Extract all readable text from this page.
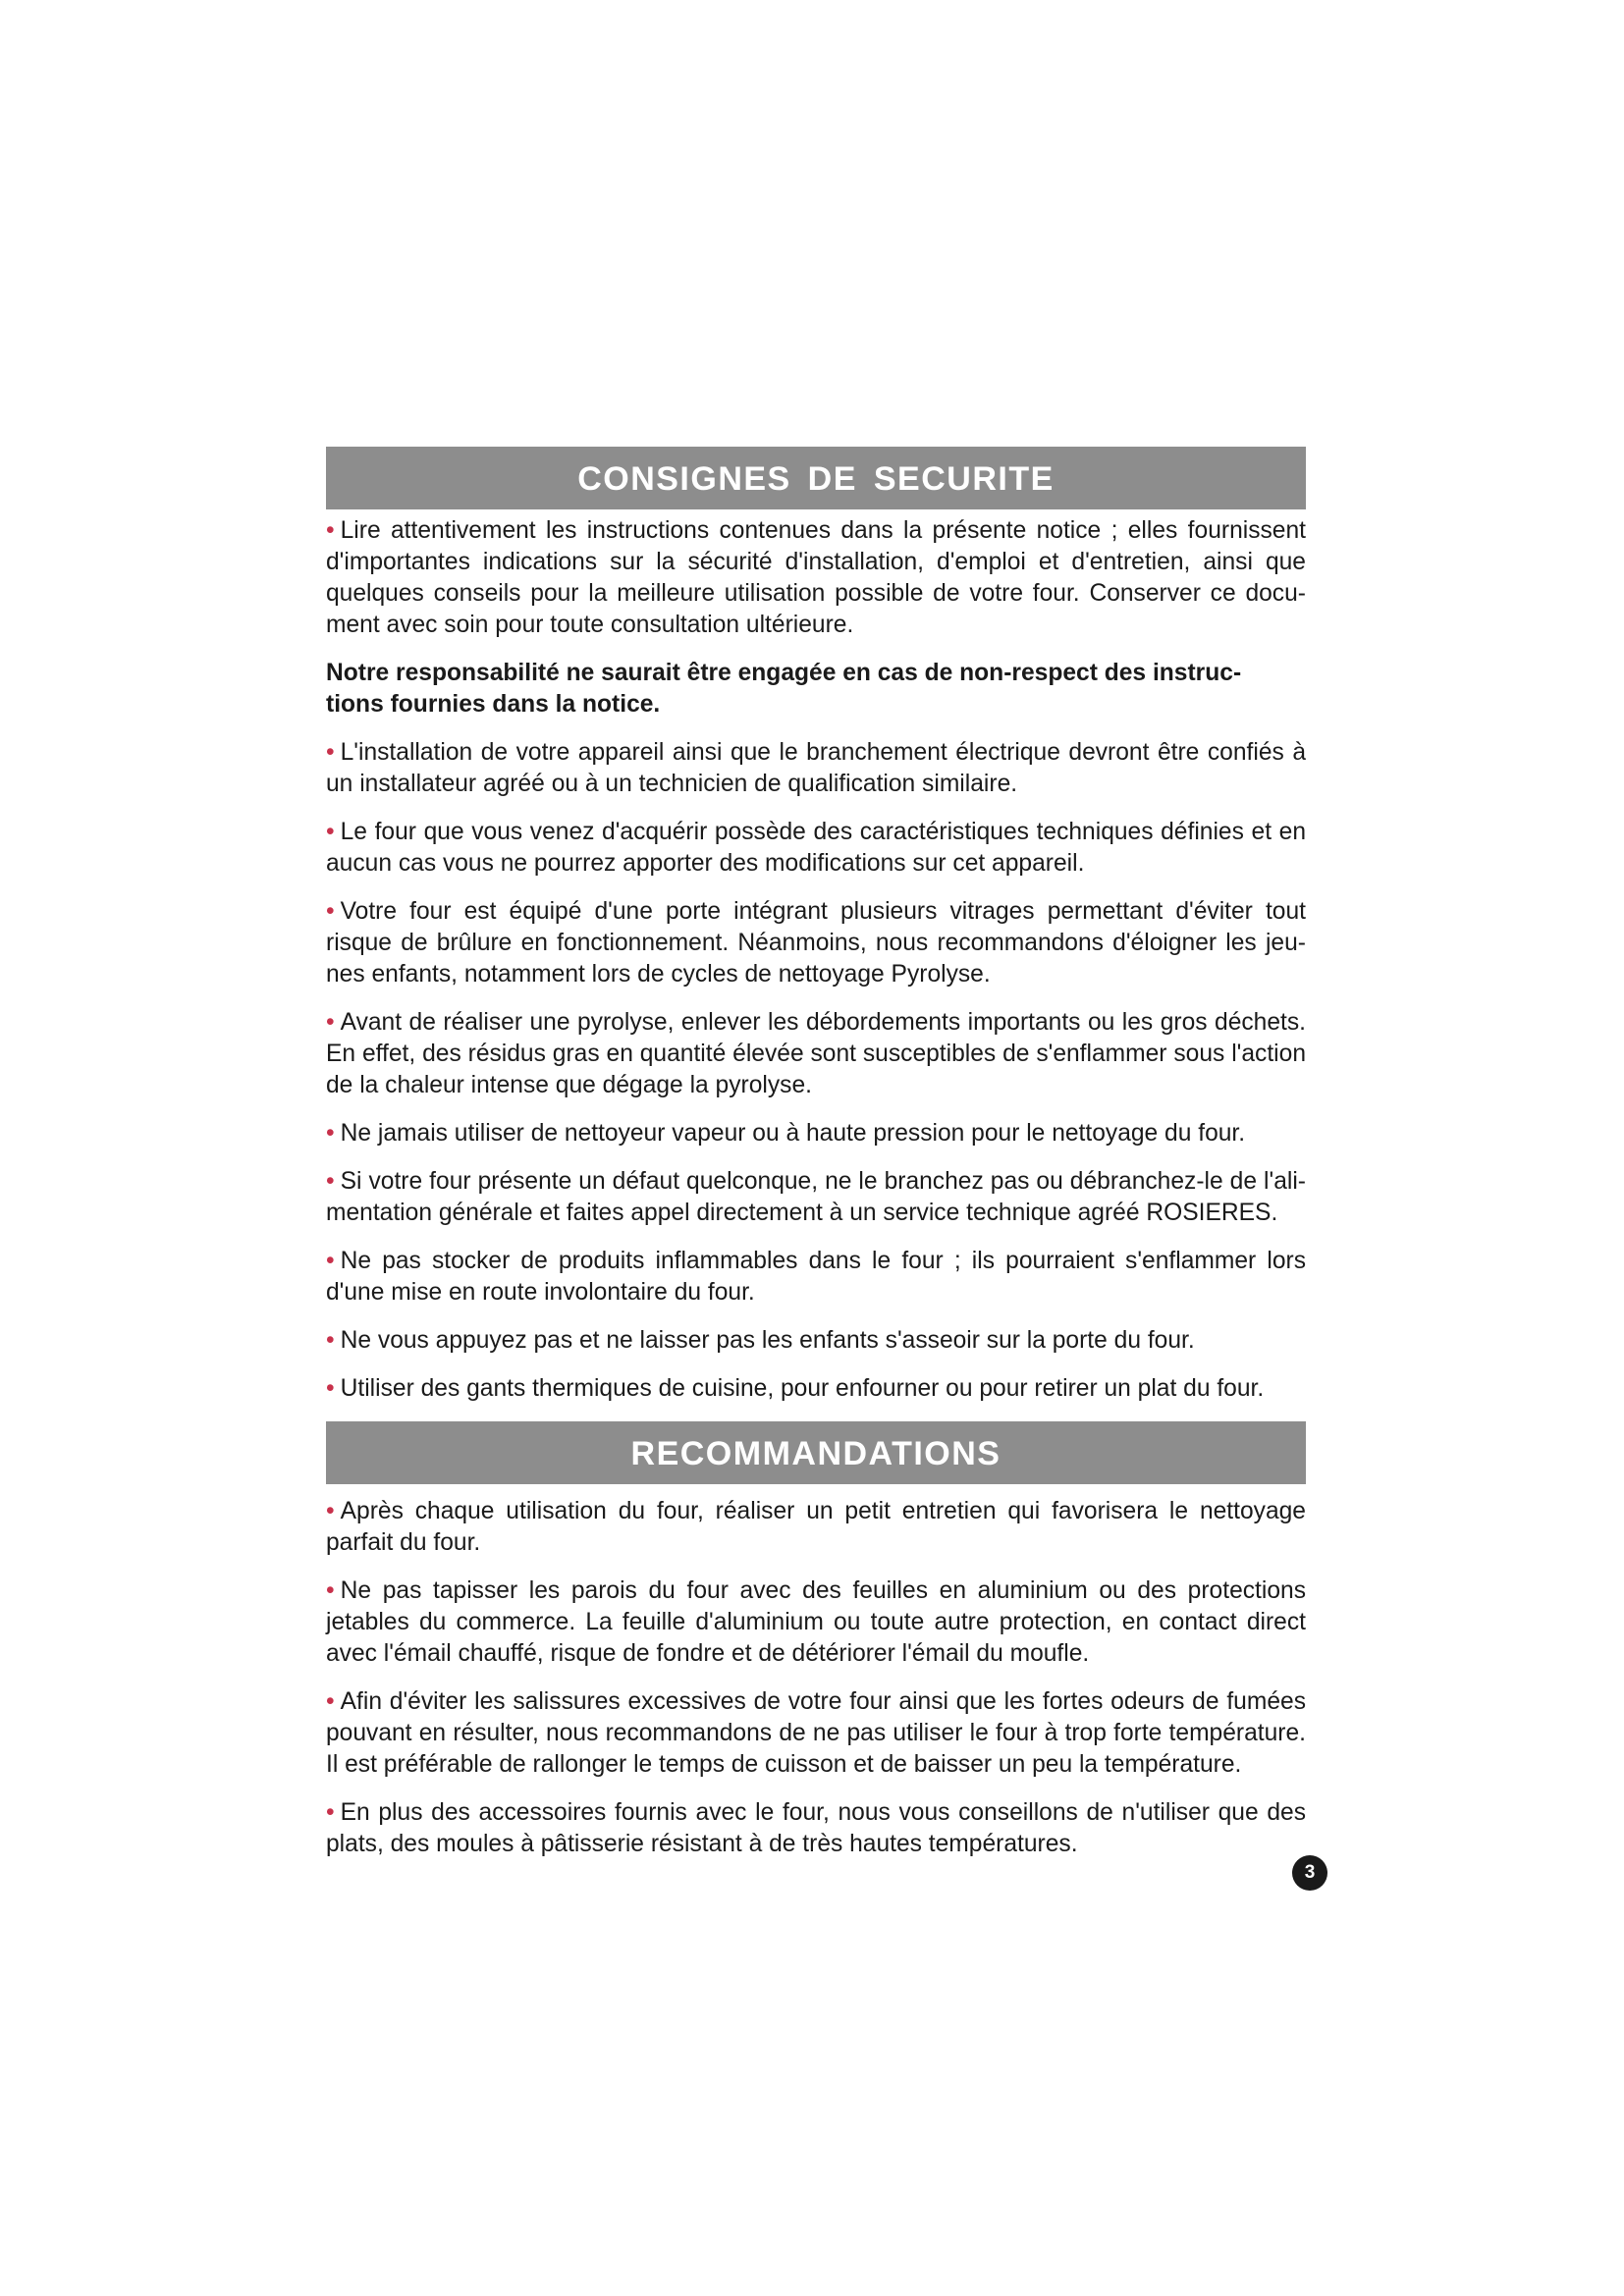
CONSIGNES DE SECURITE

• Lire attentivement les instructions contenues dans la présente notice ; elles fournissent d'importantes indications sur la sécurité d'installation, d'emploi et d'entretien, ainsi que quelques conseils pour la meilleure utilisation possible de votre four. Conserver ce document avec soin pour toute consultation ultérieure.

Notre responsabilité ne saurait être engagée en cas de non-respect des instructions fournies dans la notice.

• L'installation de votre appareil ainsi que le branchement électrique devront être confiés à un installateur agréé ou à un technicien de qualification similaire.

• Le four que vous venez d'acquérir possède des caractéristiques techniques définies et en aucun cas vous ne pourrez apporter des modifications sur cet appareil.

• Votre four est équipé d'une porte intégrant plusieurs vitrages permettant d'éviter tout risque de brûlure en fonctionnement. Néanmoins, nous recommandons d'éloigner les jeunes enfants, notamment lors de cycles de nettoyage Pyrolyse.

• Avant de réaliser une pyrolyse, enlever les débordements importants ou les gros déchets. En effet, des résidus gras en quantité élevée sont susceptibles de s'enflammer sous l'action de la chaleur intense que dégage la pyrolyse.

• Ne jamais utiliser de nettoyeur vapeur ou à haute pression pour le nettoyage du four.

• Si votre four présente un défaut quelconque, ne le branchez pas ou débranchez-le de l'alimentation générale et faites appel directement à un service technique agréé ROSIERES.

• Ne pas stocker de produits inflammables dans le four ; ils pourraient s'enflammer lors d'une mise en route involontaire du four.

• Ne vous appuyez pas et ne laisser pas les enfants s'asseoir sur la porte du four.

• Utiliser des gants thermiques de cuisine, pour enfourner ou pour retirer un plat du four.

RECOMMANDATIONS

• Après chaque utilisation du four, réaliser un petit entretien qui favorisera le nettoyage parfait du four.

• Ne pas tapisser les parois du four avec des feuilles en aluminium ou des protections jetables du commerce. La feuille d'aluminium ou toute autre protection, en contact direct avec l'émail chauffé, risque de fondre et de détériorer l'émail du moufle.

• Afin d'éviter les salissures excessives de votre four ainsi que les fortes odeurs de fumées pouvant en résulter, nous recommandons de ne pas utiliser le four à trop forte température. Il est préférable de rallonger le temps de cuisson et de baisser un peu la température.

• En plus des accessoires fournis avec le four, nous vous conseillons de n'utiliser que des plats, des moules à pâtisserie résistant à de très hautes températures.

3
